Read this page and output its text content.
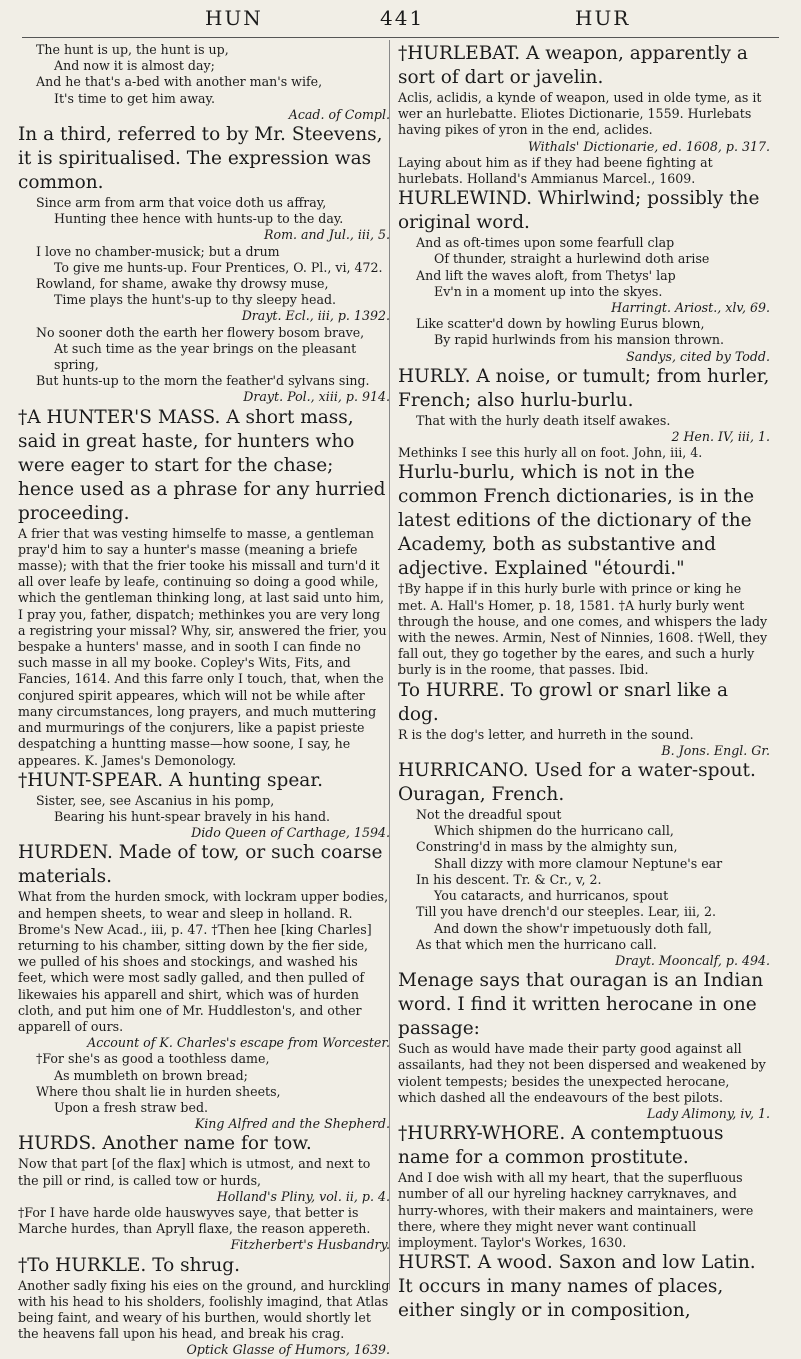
HUN	441	HUR

The hunt is up, the hunt is up,

And now it is almost day;

And he that's a-bed with another man's wife,

It's time to get him away.

Acad. of Compl.

In a third, referred to by Mr. Steevens, it is spiritualised. The expression was common.

Since arm from arm that voice doth us affray,

Hunting thee hence with hunts-up to the day.

Rom. and Jul., iii, 5.

I love no chamber-musick; but a drum

To give me hunts-up. Four Prentices, O. Pl., vi, 472.

Rowland, for shame, awake thy drowsy muse,

Time plays the hunt's-up to thy sleepy head.

Drayt. Ecl., iii, p. 1392.

No sooner doth the earth her flowery bosom brave,

At such time as the year brings on the pleasant spring,

But hunts-up to the morn the feather'd sylvans sing.

Drayt. Pol., xiii, p. 914.

†A HUNTER'S MASS. A short mass, said in great haste, for hunters who were eager to start for the chase; hence used as a phrase for any hurried proceeding.

A frier that was vesting himselfe to masse, a gentleman pray'd him to say a hunter's masse (meaning a briefe masse); with that the frier tooke his missall and turn'd it all over leafe by leafe, continuing so doing a good while, which the gentleman thinking long, at last said unto him, I pray you, father, dispatch; methinkes you are very long a registring your missal? Why, sir, answered the frier, you bespake a hunters' masse, and in sooth I can finde no such masse in all my booke. Copley's Wits, Fits, and Fancies, 1614. And this farre only I touch, that, when the conjured spirit appeares, which will not be while after many circumstances, long prayers, and much muttering and murmurings of the conjurers, like a papist prieste despatching a huntting masse—how soone, I say, he appeares. K. James's Demonology.

†HUNT-SPEAR. A hunting spear.

Sister, see, see Ascanius in his pomp,

Bearing his hunt-spear bravely in his hand.

Dido Queen of Carthage, 1594.

HURDEN. Made of tow, or such coarse materials.

What from the hurden smock, with lockram upper bodies, and hempen sheets, to wear and sleep in holland. R. Brome's New Acad., iii, p. 47. †Then hee [king Charles] returning to his chamber, sitting down by the fier side, we pulled of his shoes and stockings, and washed his feet, which were most sadly galled, and then pulled of likewaies his apparell and shirt, which was of hurden cloth, and put him one of Mr. Huddleston's, and other apparell of ours.

Account of K. Charles's escape from Worcester.

†For she's as good a toothless dame,

As mumbleth on brown bread;

Where thou shalt lie in hurden sheets,

Upon a fresh straw bed.

King Alfred and the Shepherd.

HURDS. Another name for tow.

Now that part [of the flax] which is utmost, and next to the pill or rind, is called tow or hurds,

Holland's Pliny, vol. ii, p. 4.

†For I have harde olde hauswyves saye, that better is Marche hurdes, than Apryll flaxe, the reason appereth.

Fitzherbert's Husbandry.

†To HURKLE. To shrug.

Another sadly fixing his eies on the ground, and hurckling with his head to his sholders, foolishly imagind, that Atlas being faint, and weary of his burthen, would shortly let the heavens fall upon his head, and break his crag.

Optick Glasse of Humors, 1639.

†HURLEBAT. A weapon, apparently a sort of dart or javelin.

Aclis, aclidis, a kynde of weapon, used in olde tyme, as it wer an hurlebatte. Eliotes Dictionarie, 1559. Hurlebats having pikes of yron in the end, aclides.

Withals' Dictionarie, ed. 1608, p. 317.

Laying about him as if they had beene fighting at hurlebats. Holland's Ammianus Marcel., 1609.

HURLEWIND. Whirlwind; possibly the original word.

And as oft-times upon some fearfull clap

Of thunder, straight a hurlewind doth arise

And lift the waves aloft, from Thetys' lap

Ev'n in a moment up into the skyes.

Harringt. Ariost., xlv, 69.

Like scatter'd down by howling Eurus blown,

By rapid hurlwinds from his mansion thrown.

Sandys, cited by Todd.

HURLY. A noise, or tumult; from hurler, French; also hurlu-burlu.

That with the hurly death itself awakes.

2 Hen. IV, iii, 1.

Methinks I see this hurly all on foot. John, iii, 4.

Hurlu-burlu, which is not in the common French dictionaries, is in the latest editions of the dictionary of the Academy, both as substantive and adjective. Explained "étourdi."

†By happe if in this hurly burle with prince or king he met. A. Hall's Homer, p. 18, 1581. †A hurly burly went through the house, and one comes, and whispers the lady with the newes. Armin, Nest of Ninnies, 1608. †Well, they fall out, they go together by the eares, and such a hurly burly is in the roome, that passes. Ibid.

To HURRE. To growl or snarl like a dog.

R is the dog's letter, and hurreth in the sound.

B. Jons. Engl. Gr.

HURRICANO. Used for a water-spout. Ouragan, French.

Not the dreadful spout

Which shipmen do the hurricano call,

Constring'd in mass by the almighty sun,

Shall dizzy with more clamour Neptune's ear

In his descent. Tr. & Cr., v, 2.

You cataracts, and hurricanos, spout

Till you have drench'd our steeples. Lear, iii, 2.

And down the show'r impetuously doth fall,

As that which men the hurricano call.

Drayt. Mooncalf, p. 494.

Menage says that ouragan is an Indian word. I find it written herocane in one passage:

Such as would have made their party good against all assailants, had they not been dispersed and weakened by violent tempests; besides the unexpected herocane, which dashed all the endeavours of the best pilots.

Lady Alimony, iv, 1.

†HURRY-WHORE. A contemptuous name for a common prostitute.

And I doe wish with all my heart, that the superfluous number of all our hyreling hackney carryknaves, and hurry-whores, with their makers and maintainers, were there, where they might never want continuall imployment. Taylor's Workes, 1630.

HURST. A wood. Saxon and low Latin. It occurs in many names of places, either singly or in composition,
